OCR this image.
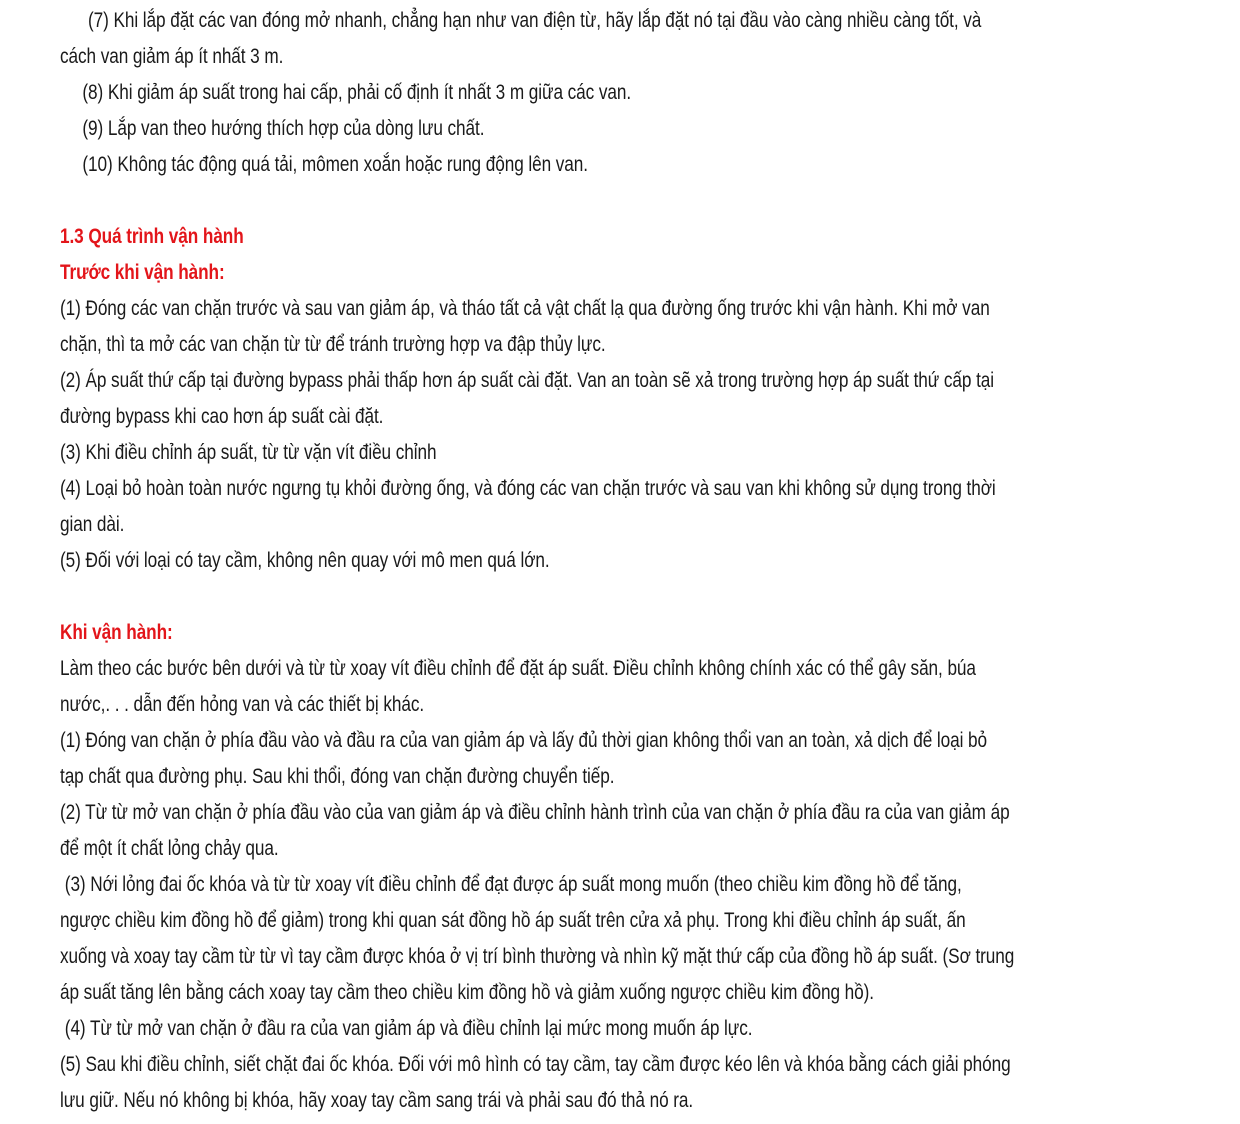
(7) Khi lắp đặt các van đóng mở nhanh, chẳng hạn như van điện từ, hãy lắp đặt nó tại đầu vào càng nhiều càng tốt, và

cách van giảm áp ít nhất 3 m.

(8) Khi giảm áp suất trong hai cấp, phải cố định ít nhất 3 m giữa các van.

(9) Lắp van theo hướng thích hợp của dòng lưu chất.

(10) Không tác động quá tải, mômen xoắn hoặc rung động lên van.

1.3 Quá trình vận hành

Trước khi vận hành:

(1) Đóng các van chặn trước và sau van giảm áp, và tháo tất cả vật chất lạ qua đường ống trước khi vận hành. Khi mở van

chặn, thì ta mở các van chặn từ từ để tránh trường hợp va đập thủy lực.

(2) Áp suất thứ cấp tại đường bypass phải thấp hơn áp suất cài đặt. Van an toàn sẽ xả trong trường hợp áp suất thứ cấp tại

đường bypass khi cao hơn áp suất cài đặt.

(3) Khi điều chỉnh áp suất, từ từ vặn vít điều chỉnh

(4) Loại bỏ hoàn toàn nước ngưng tụ khỏi đường ống, và đóng các van chặn trước và sau van khi không sử dụng trong thời

gian dài.

(5) Đối với loại có tay cầm, không nên quay với mô men quá lớn.

Khi vận hành:

Làm theo các bước bên dưới và từ từ xoay vít điều chỉnh để đặt áp suất. Điều chỉnh không chính xác có thể gây săn, búa

nước,. . . dẫn đến hỏng van và các thiết bị khác.

(1) Đóng van chặn ở phía đầu vào và đầu ra của van giảm áp và lấy đủ thời gian không thổi van an toàn, xả dịch để loại bỏ

tạp chất qua đường phụ. Sau khi thổi, đóng van chặn đường chuyển tiếp.

(2) Từ từ mở van chặn ở phía đầu vào của van giảm áp và điều chỉnh hành trình của van chặn ở phía đầu ra của van giảm áp

để một ít chất lỏng chảy qua.

(3) Nới lỏng đai ốc khóa và từ từ xoay vít điều chỉnh để đạt được áp suất mong muốn (theo chiều kim đồng hồ để tăng,

ngược chiều kim đồng hồ để giảm) trong khi quan sát đồng hồ áp suất trên cửa xả phụ. Trong khi điều chỉnh áp suất, ấn

xuống và xoay tay cầm từ từ vì tay cầm được khóa ở vị trí bình thường và nhìn kỹ mặt thứ cấp của đồng hồ áp suất. (Sơ trung

áp suất tăng lên bằng cách xoay tay cầm theo chiều kim đồng hồ và giảm xuống ngược chiều kim đồng hồ).

(4) Từ từ mở van chặn ở đầu ra của van giảm áp và điều chỉnh lại mức mong muốn áp lực.

(5) Sau khi điều chỉnh, siết chặt đai ốc khóa. Đối với mô hình có tay cầm, tay cầm được kéo lên và khóa bằng cách giải phóng

lưu giữ. Nếu nó không bị khóa, hãy xoay tay cầm sang trái và phải sau đó thả nó ra.
